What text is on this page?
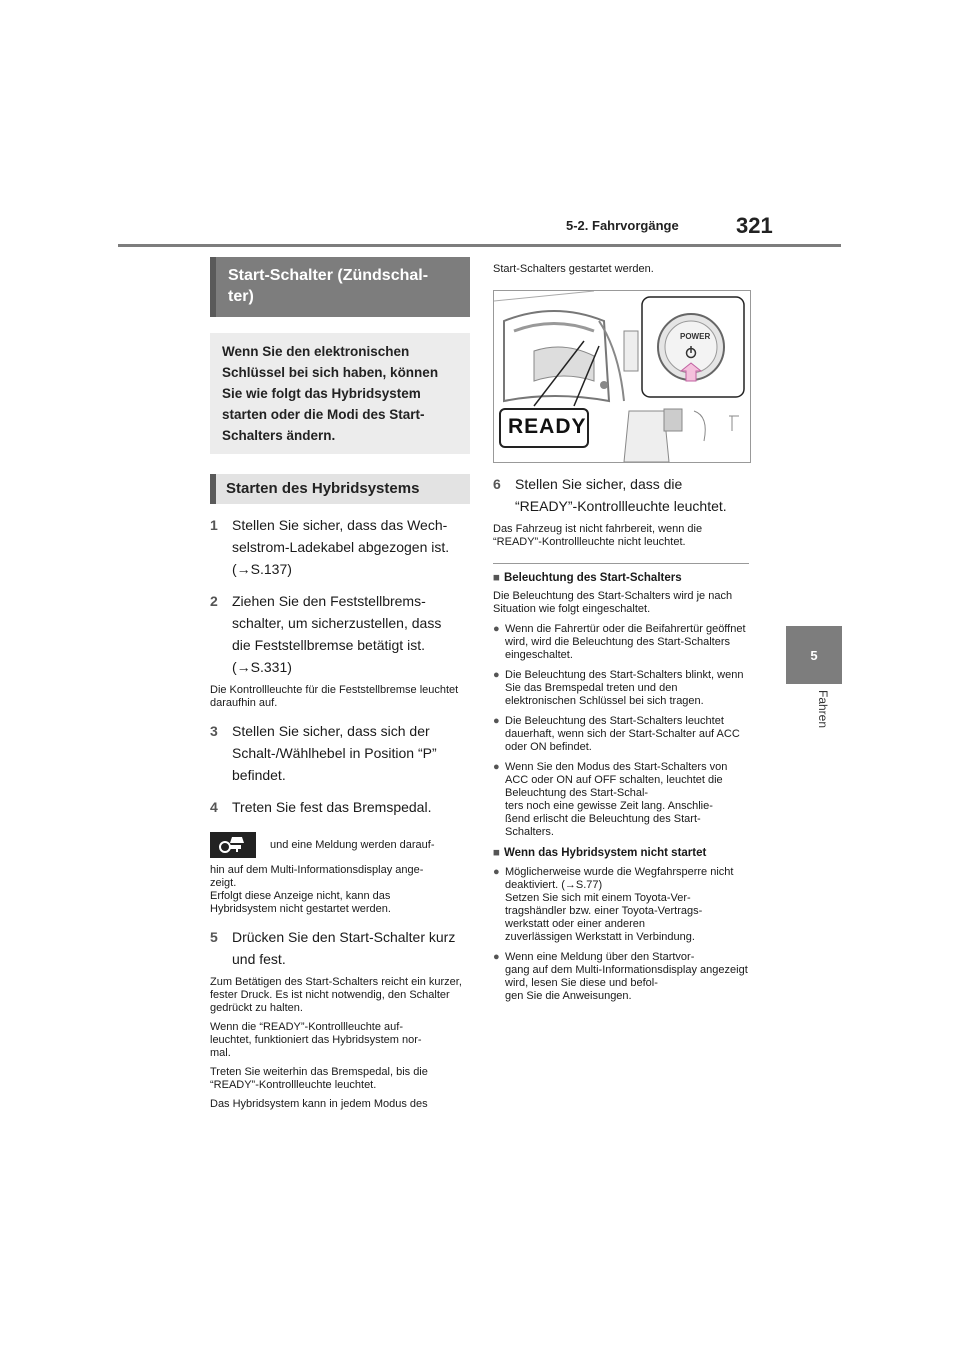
5-2. Fahrvorgänge	321
5
Fahren
Start-Schalter (Zündschal-
ter)
Wenn Sie den elektronischen Schlüssel bei sich haben, können Sie wie folgt das Hybridsystem starten oder die Modi des Start-Schalters ändern.
Starten des Hybridsystems
1	Stellen Sie sicher, dass das Wech-
selstrom-Ladekabel abgezogen ist.
(→S.137)
2	Ziehen Sie den Feststellbrems-
schalter, um sicherzustellen, dass
die Feststellbremse betätigt ist.
(→S.331)
Die Kontrollleuchte für die Feststellbremse leuchtet daraufhin auf.
3	Stellen Sie sicher, dass sich der
Schalt-/Wählhebel in Position “P”
befindet.
4	Treten Sie fest das Bremspedal.
und eine Meldung werden darauf-
hin auf dem Multi-Informationsdisplay ange-
zeigt.
Erfolgt diese Anzeige nicht, kann das
Hybridsystem nicht gestartet werden.
5	Drücken Sie den Start-Schalter kurz
und fest.
Zum Betätigen des Start-Schalters reicht ein kurzer, fester Druck. Es ist nicht notwendig, den Schalter gedrückt zu halten.
Wenn die “READY”-Kontrollleuchte auf-
leuchtet, funktioniert das Hybridsystem nor-
mal.
Treten Sie weiterhin das Bremspedal, bis die “READY”-Kontrollleuchte leuchtet.
Das Hybridsystem kann in jedem Modus des
Start-Schalters gestartet werden.
POWER
READY
6	Stellen Sie sicher, dass die
“READY”-Kontrollleuchte leuchtet.
Das Fahrzeug ist nicht fahrbereit, wenn die “READY”-Kontrollleuchte nicht leuchtet.
■ Beleuchtung des Start-Schalters
Die Beleuchtung des Start-Schalters wird je nach Situation wie folgt eingeschaltet.
● Wenn die Fahrertür oder die Beifahrertür geöffnet wird, wird die Beleuchtung des Start-Schalters eingeschaltet.
● Die Beleuchtung des Start-Schalters blinkt, wenn Sie das Bremspedal treten und den elektronischen Schlüssel bei sich tragen.
● Die Beleuchtung des Start-Schalters leuchtet dauerhaft, wenn sich der Start-Schalter auf ACC oder ON befindet.
● Wenn Sie den Modus des Start-Schalters von ACC oder ON auf OFF schalten, leuchtet die Beleuchtung des Start-Schal-
ters noch eine gewisse Zeit lang. Anschlie-
ßend erlischt die Beleuchtung des Start-
Schalters.
■ Wenn das Hybridsystem nicht startet
● Möglicherweise wurde die Wegfahrsperre nicht deaktiviert. (→S.77)
Setzen Sie sich mit einem Toyota-Ver-
tragshändler bzw. einer Toyota-Vertrags-
werkstatt oder einer anderen
zuverlässigen Werkstatt in Verbindung.
● Wenn eine Meldung über den Startvor-
gang auf dem Multi-Informationsdisplay angezeigt wird, lesen Sie diese und befol-
gen Sie die Anweisungen.
